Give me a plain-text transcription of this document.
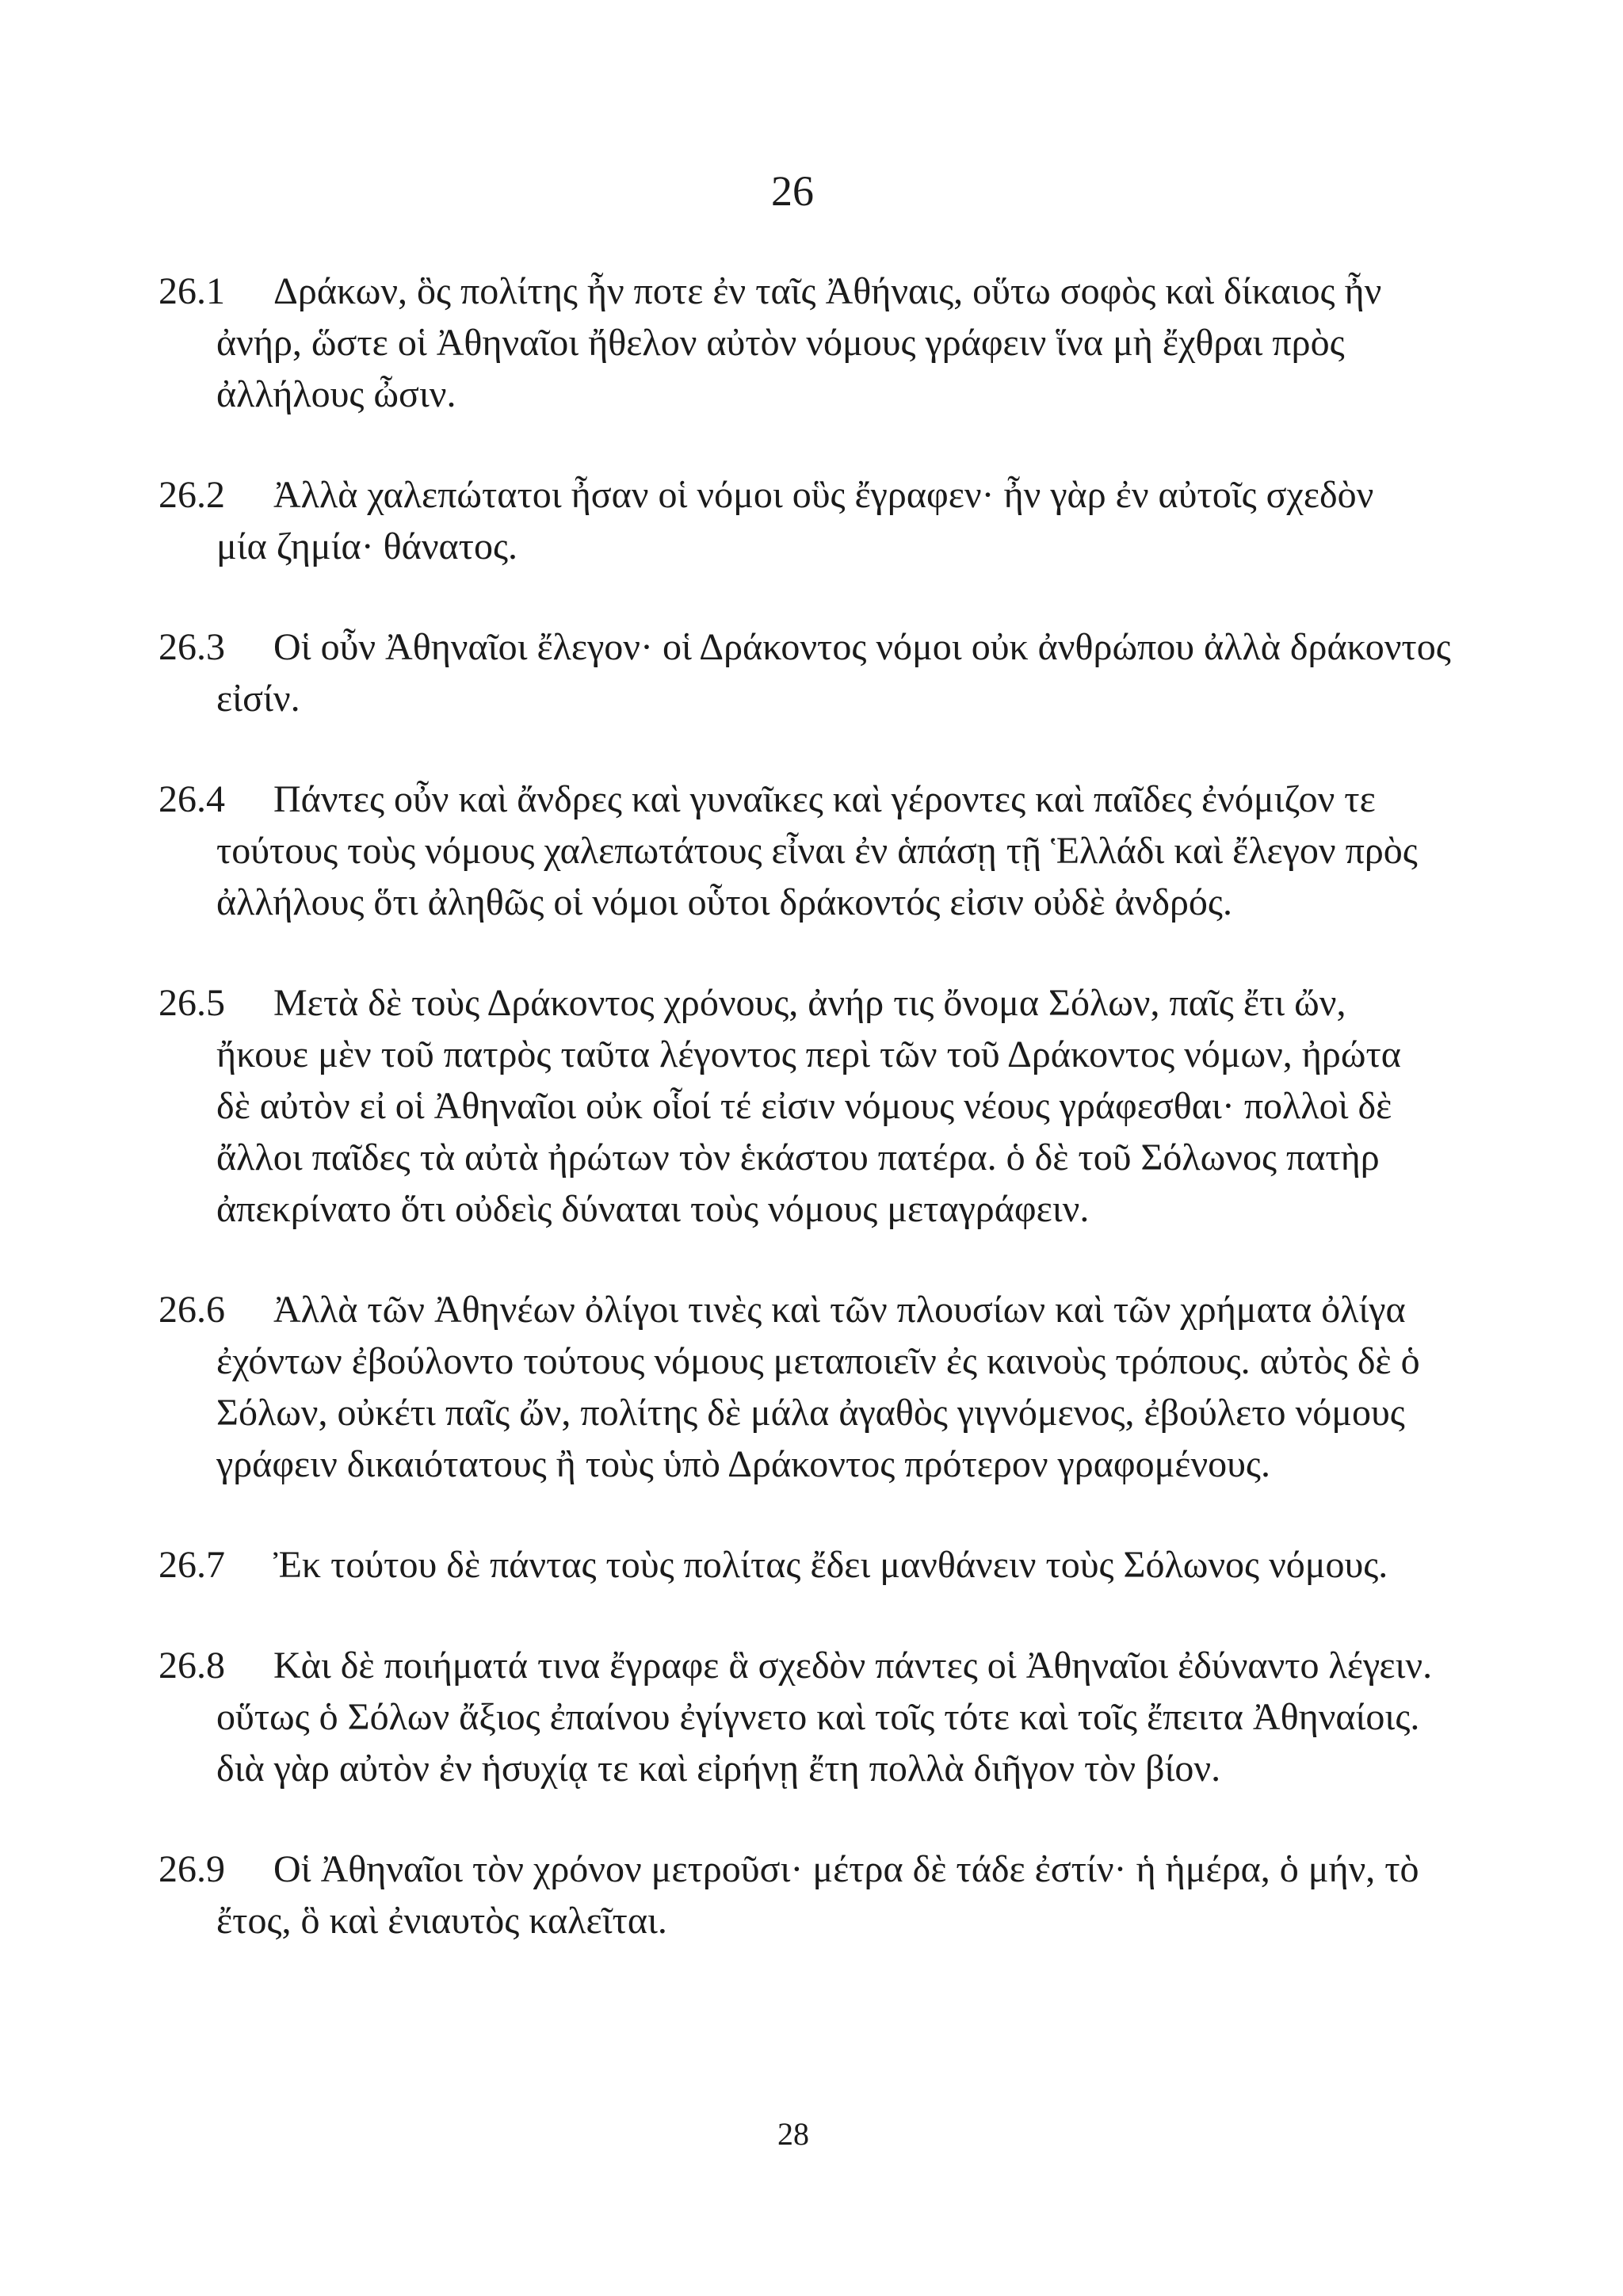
26
26.1 Δράκων, ὃς πολίτης ἦν ποτε ἐν ταῖς Ἀθήναις, οὕτω σοφὸς καὶ δίκαιος ἦν
ἀνήρ, ὥστε οἱ Ἀθηναῖοι ἤθελον αὐτὸν νόμους γράφειν ἵνα μὴ ἔχθραι πρὸς
ἀλλήλους ὦσιν.
26.2 Ἀλλὰ χαλεπώτατοι ἦσαν οἱ νόμοι οὓς ἔγραφεν· ἦν γὰρ ἐν αὐτοῖς σχεδὸν
μία ζημία· θάνατος.
26.3 Οἱ οὖν Ἀθηναῖοι ἔλεγον· οἱ Δράκοντος νόμοι οὐκ ἀνθρώπου ἀλλὰ δράκοντος
εἰσίν.
26.4 Πάντες οὖν καὶ ἄνδρες καὶ γυναῖκες καὶ γέροντες καὶ παῖδες ἐνόμιζον τε
τούτους τοὺς νόμους χαλεπωτάτους εἶναι ἐν ἁπάσῃ τῇ Ἑλλάδι καὶ ἔλεγον πρὸς
ἀλλήλους ὅτι ἀληθῶς οἱ νόμοι οὗτοι δράκοντός εἰσιν οὐδὲ ἀνδρός.
26.5 Μετὰ δὲ τοὺς Δράκοντος χρόνους, ἀνήρ τις ὄνομα Σόλων, παῖς ἔτι ὤν,
ἤκουε μὲν τοῦ πατρὸς ταῦτα λέγοντος περὶ τῶν τοῦ Δράκοντος νόμων, ἠρώτα
δὲ αὐτὸν εἰ οἱ Ἀθηναῖοι οὐκ οἷοί τέ εἰσιν νόμους νέους γράφεσθαι· πολλοὶ δὲ
ἄλλοι παῖδες τὰ αὐτὰ ἠρώτων τὸν ἑκάστου πατέρα. ὁ δὲ τοῦ Σόλωνος πατὴρ
ἀπεκρίνατο ὅτι οὐδεὶς δύναται τοὺς νόμους μεταγράφειν.
26.6 Ἀλλὰ τῶν Ἀθηνέων ὀλίγοι τινὲς καὶ τῶν πλουσίων καὶ τῶν χρήματα ὀλίγα
ἐχόντων ἐβούλοντο τούτους νόμους μεταποιεῖν ἐς καινοὺς τρόπους. αὐτὸς δὲ ὁ
Σόλων, οὐκέτι παῖς ὤν, πολίτης δὲ μάλα ἀγαθὸς γιγνόμενος, ἐβούλετο νόμους
γράφειν δικαιότατους ἢ τοὺς ὑπὸ Δράκοντος πρότερον γραφομένους.
26.7 Ἐκ τούτου δὲ πάντας τοὺς πολίτας ἔδει μανθάνειν τοὺς Σόλωνος νόμους.
26.8 Κὰι δὲ ποιήματά τινα ἔγραφε ἃ σχεδὸν πάντες οἱ Ἀθηναῖοι ἐδύναντο λέγειν.
οὕτως ὁ Σόλων ἄξιος ἐπαίνου ἐγίγνετο καὶ τοῖς τότε καὶ τοῖς ἔπειτα Ἀθηναίοις.
διὰ γὰρ αὐτὸν ἐν ἡσυχίᾳ τε καὶ εἰρήνῃ ἔτη πολλὰ διῆγον τὸν βίον.
26.9 Οἱ Ἀθηναῖοι τὸν χρόνον μετροῦσι· μέτρα δὲ τάδε ἐστίν· ἡ ἡμέρα, ὁ μήν, τὸ
ἔτος, ὃ καὶ ἐνιαυτὸς καλεῖται.
28
